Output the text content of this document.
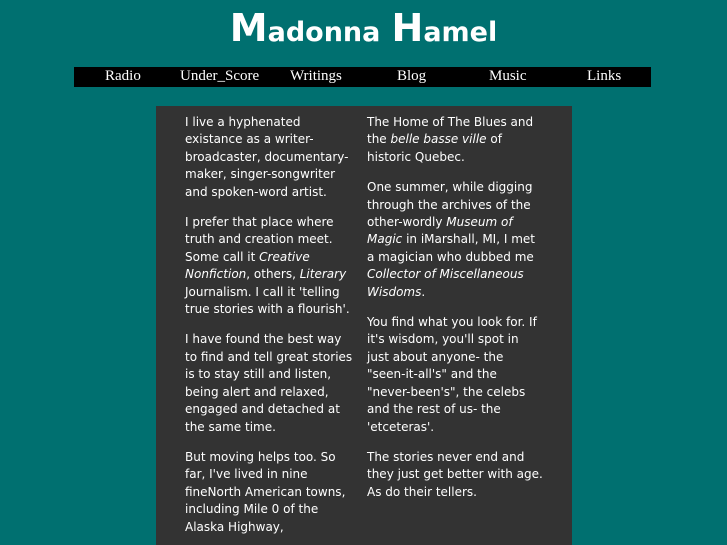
Madonna Hamel
Radio	Under_Score Writings	Blog	Music	Links

I live a hyphenated existance as a writer-broadcaster, documentary-maker, singer-songwriter and spoken-word artist.

I prefer that place where truth and creation meet. Some call it Creative Nonfiction, others, Literary Journalism. I call it 'telling true stories with a flourish'.

I have found the best way to find and tell great stories is to stay still and listen, being alert and relaxed, engaged and detached at the same time.

But moving helps too. So far, I've lived in nine fineNorth American towns, including Mile 0 of the Alaska Highway,

The Home of The Blues and the belle basse ville of historic Quebec.

One summer, while digging through the archives of the other-wordly Museum of Magic in iMarshall, MI, I met a magician who dubbed me Collector of Miscellaneous Wisdoms.

You find what you look for. If it's wisdom, you'll spot in just about anyone- the "seen-it-all's" and the "never-been's", the celebs and the rest of us- the 'etceteras'.

The stories never end and they just get better with age. As do their tellers.
